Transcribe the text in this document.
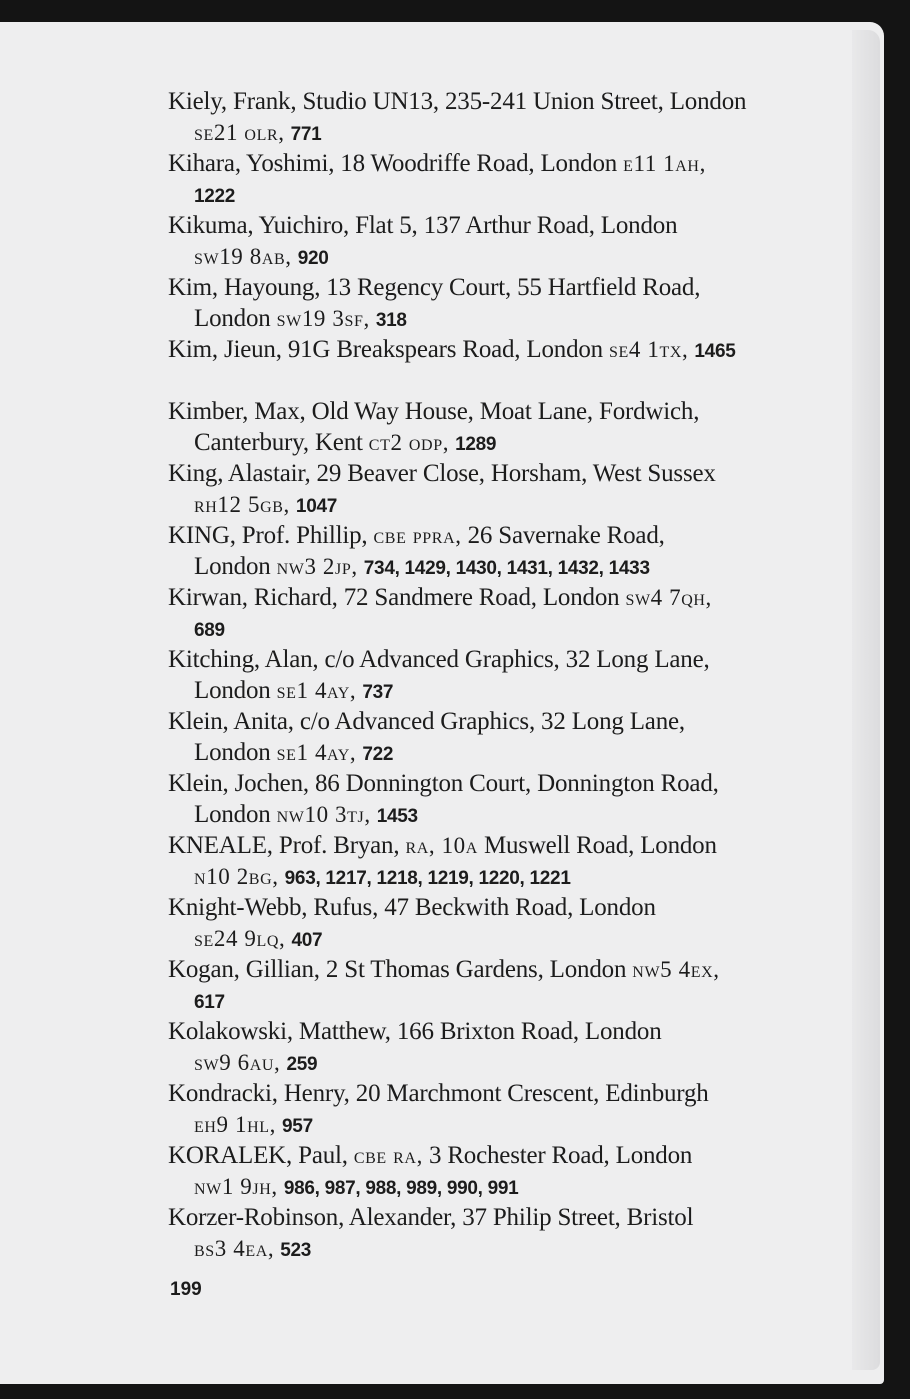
Kiely, Frank, Studio UN13, 235-241 Union Street, London
se21 olr, 771
Kihara, Yoshimi, 18 Woodriffe Road, London e11 1ah,
1222
Kikuma, Yuichiro, Flat 5, 137 Arthur Road, London
sw19 8ab, 920
Kim, Hayoung, 13 Regency Court, 55 Hartfield Road,
London sw19 3sf, 318
Kim, Jieun, 91G Breakspears Road, London se4 1tx, 1465
Kimber, Max, Old Way House, Moat Lane, Fordwich,
Canterbury, Kent ct2 odp, 1289
King, Alastair, 29 Beaver Close, Horsham, West Sussex
rh12 5gb, 1047
KING, Prof. Phillip, cbe ppra, 26 Savernake Road,
London nw3 2jp, 734, 1429, 1430, 1431, 1432, 1433
Kirwan, Richard, 72 Sandmere Road, London sw4 7qh,
689
Kitching, Alan, c/o Advanced Graphics, 32 Long Lane,
London se1 4ay, 737
Klein, Anita, c/o Advanced Graphics, 32 Long Lane,
London se1 4ay, 722
Klein, Jochen, 86 Donnington Court, Donnington Road,
London nw10 3tj, 1453
KNEALE, Prof. Bryan, ra, 10a Muswell Road, London
n10 2bg, 963, 1217, 1218, 1219, 1220, 1221
Knight-Webb, Rufus, 47 Beckwith Road, London
se24 9lq, 407
Kogan, Gillian, 2 St Thomas Gardens, London nw5 4ex,
617
Kolakowski, Matthew, 166 Brixton Road, London
sw9 6au, 259
Kondracki, Henry, 20 Marchmont Crescent, Edinburgh
eh9 1hl, 957
KORALEK, Paul, cbe ra, 3 Rochester Road, London
nw1 9jh, 986, 987, 988, 989, 990, 991
Korzer-Robinson, Alexander, 37 Philip Street, Bristol
bs3 4ea, 523
199
